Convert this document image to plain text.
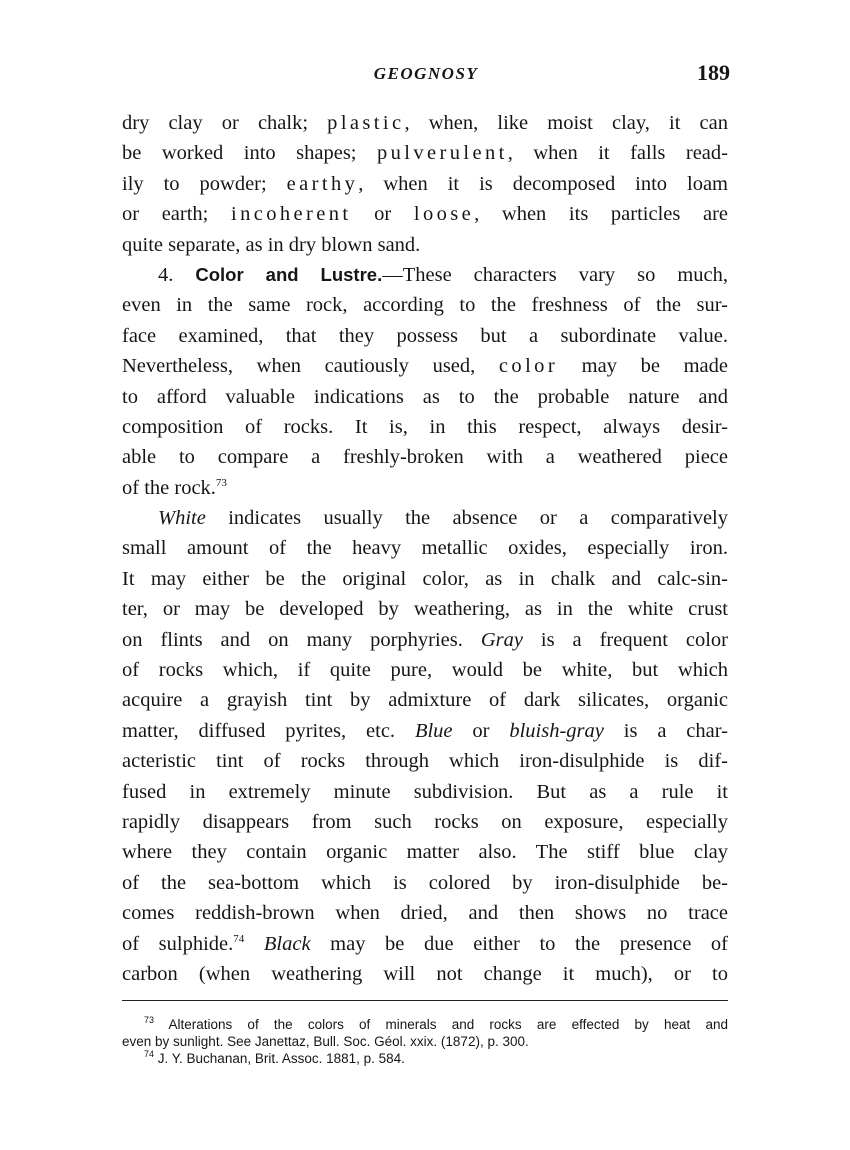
GEOGNOSY	189
dry clay or chalk; plastic, when, like moist clay, it can
be worked into shapes; pulverulent, when it falls read-
ily to powder; earthy, when it is decomposed into loam
or earth; incoherent or loose, when its particles are
quite separate, as in dry blown sand.
4. Color and Lustre.—These characters vary so much,
even in the same rock, according to the freshness of the sur-
face examined, that they possess but a subordinate value.
Nevertheless, when cautiously used, color may be made
to afford valuable indications as to the probable nature and
composition of rocks. It is, in this respect, always desir-
able to compare a freshly-broken with a weathered piece
of the rock.$^{73}$
White indicates usually the absence or a comparatively
small amount of the heavy metallic oxides, especially iron.
It may either be the original color, as in chalk and calc-sin-
ter, or may be developed by weathering, as in the white crust
on flints and on many porphyries. Gray is a frequent color
of rocks which, if quite pure, would be white, but which
acquire a grayish tint by admixture of dark silicates, organic
matter, diffused pyrites, etc. Blue or bluish-gray is a char-
acteristic tint of rocks through which iron-disulphide is dif-
fused in extremely minute subdivision. But as a rule it
rapidly disappears from such rocks on exposure, especially
where they contain organic matter also. The stiff blue clay
of the sea-bottom which is colored by iron-disulphide be-
comes reddish-brown when dried, and then shows no trace
of sulphide.$^{74}$ Black may be due either to the presence of
carbon (when weathering will not change it much), or to
$^{73}$ Alterations of the colors of minerals and rocks are effected by heat and
even by sunlight. See Janettaz, Bull. Soc. Géol. xxix. (1872), p. 300.
$^{74}$ J. Y. Buchanan, Brit. Assoc. 1881, p. 584.
